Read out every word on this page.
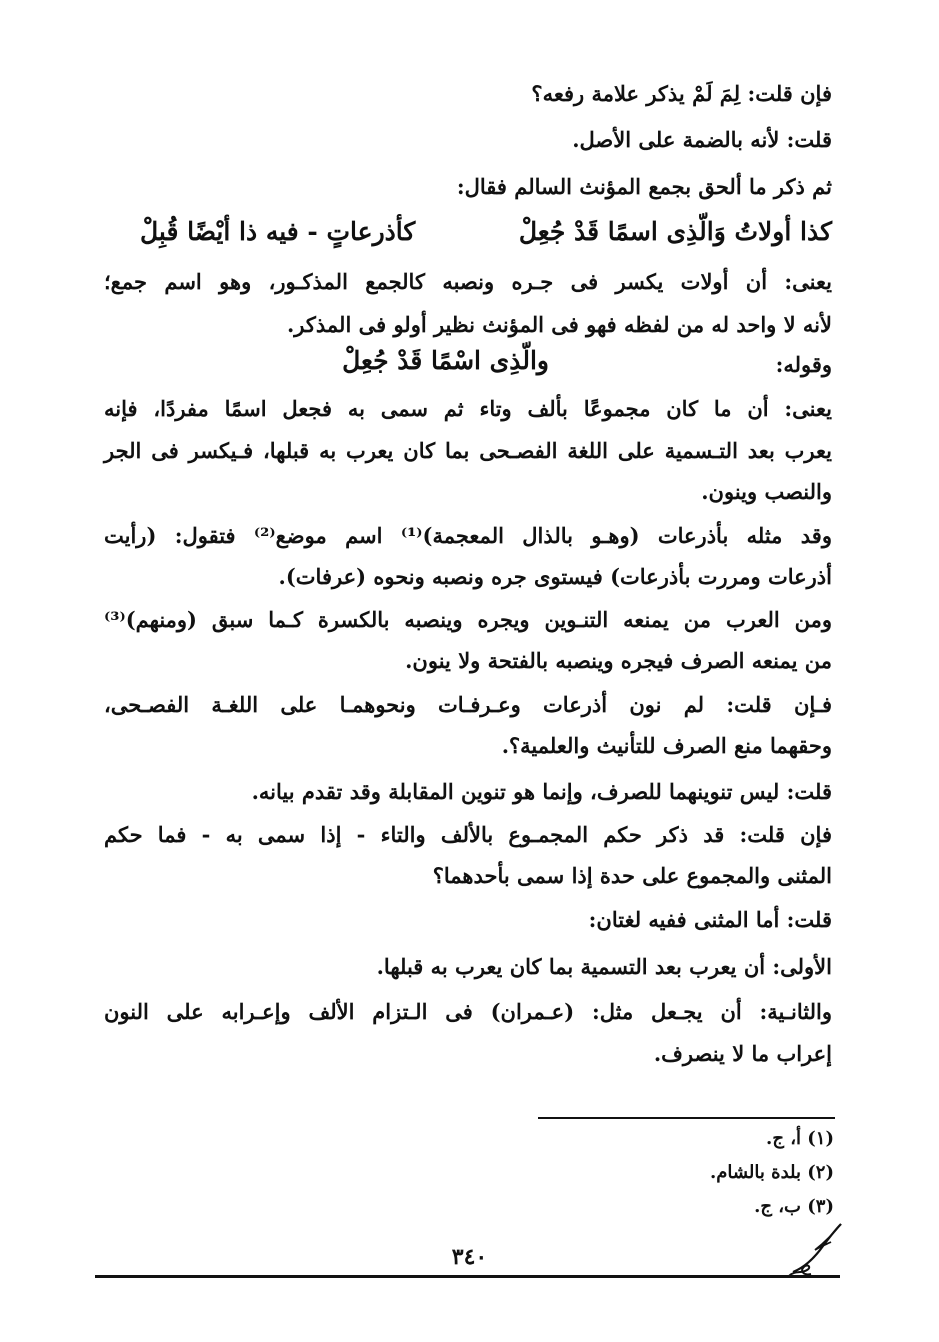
فإن قلت: لِمَ لَمْ يذكر علامة رفعه؟
قلت: لأنه بالضمة على الأصل.
ثم ذكر ما ألحق بجمع المؤنث السالم فقال:
كذا أولاتُ وَالّذِى اسمًا قَدْ جُعِلْ
كأذرعاتٍ - فيه ذا أيْضًا قُبِلْ
يعنى: أن أولات يكسر فى جـره ونصبه كالجمع المذكـور، وهو اسم جمع؛
لأنه لا واحد له من لفظه فهو فى المؤنث نظير أولو فى المذكر.
وقوله:
والّذِى اسْمًا قَدْ جُعِلْ
يعنى: أن ما كان مجموعًا بألف وتاء ثم سمى به فجعل اسمًا مفردًا، فإنه
يعرب بعد التـسمية على اللغة الفصـحى بما كان يعرب به قبلها، فـيكسر فى الجر
والنصب وينون.
وقد مثله بأذرعات (وهـو بالذال المعجمة)⁽¹⁾ اسم موضع⁽²⁾ فتقول: (رأيت
أذرعات ومررت بأذرعات) فيستوى جره ونصبه ونحوه (عرفات).
ومن العرب من يمنعه التنـوين ويجره وينصبه بالكسرة كـما سبق (ومنهم)⁽³⁾
من يمنعه الصرف فيجره وينصبه بالفتحة ولا ينون.
فـإن قلت: لم نون أذرعات وعـرفـات ونحوهمـا على اللغـة الفصـحى،
وحقهما منع الصرف للتأنيث والعلمية؟.
قلت: ليس تنوينهما للصرف، وإنما هو تنوين المقابلة وقد تقدم بيانه.
فإن قلت: قد ذكر حكم المجمـوع بالألف والتاء - إذا سمى به - فما حكم
المثنى والمجموع على حدة إذا سمى بأحدهما؟
قلت: أما المثنى ففيه لغتان:
الأولى: أن يعرب بعد التسمية بما كان يعرب به قبلها.
والثانـية: أن يجـعل مثل: (عـمران) فى الـتزام الألف وإعـرابه على النون
إعراب ما لا ينصرف.
(١) أ، ج.
(٢) بلدة بالشام.
(٣) ب، ج.
٣٤٠
